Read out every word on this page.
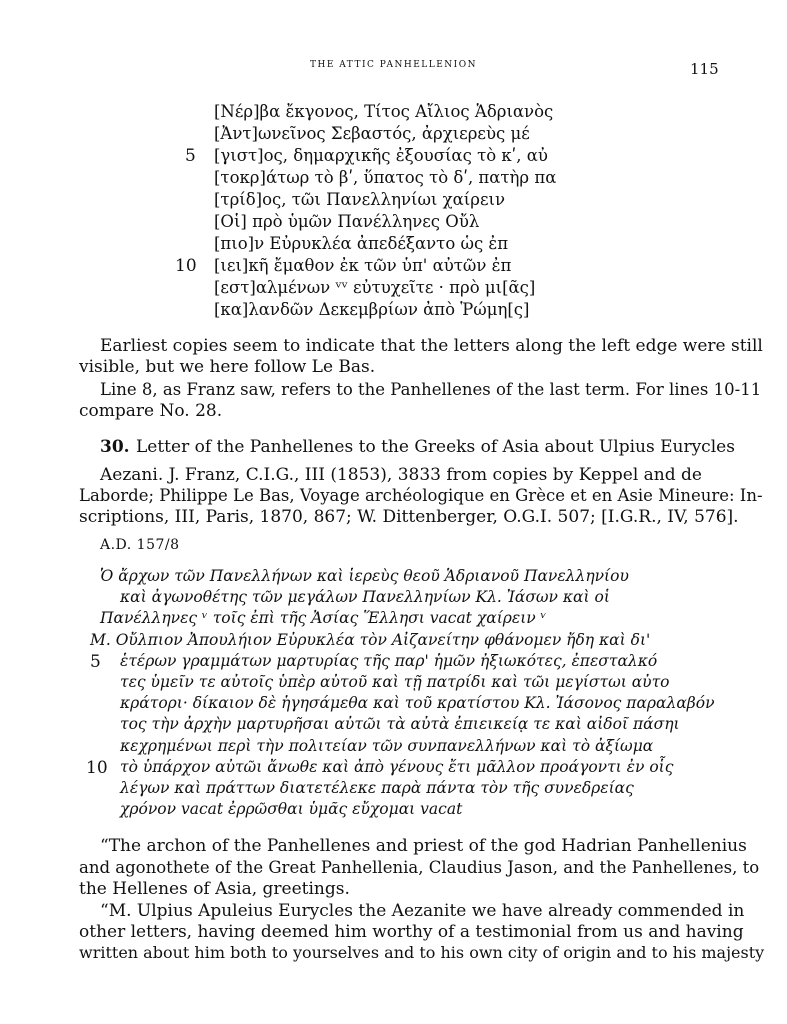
THE ATTIC PANHELLENION	115
[Νέρ]βα ἔκγονος, Τίτος Αἴλιος Ἁδριανὸς
[Ἀντ]ωνεῖνος Σεβαστός, ἀρχιερεὺς μέ
5 [γιστ]ος, δημαρχικῆς ἐξουσίας τὸ κʹ, αὐ
[τοκρ]άτωρ τὸ βʹ, ὕπατος τὸ δʹ, πατὴρ πα
[τρίδ]ος, τῶι Πανελληνίωι χαίρειν
[Οἱ] πρὸ ὑμῶν Πανέλληνες Οὔλ
[πιο]ν Εὐρυκλέα ἀπεδέξαντο ὡς ἐπ
10 [ιει]κῆ ἔμαθον ἐκ τῶν ὑπ' αὐτῶν ἐπ
[εστ]αλμένων ᵛᵛ εὐτυχεῖτε · πρὸ μι[ᾶς]
[κα]λανδῶν Δεκεμβρίων ἀπὸ Ῥώμη[ς]
Earliest copies seem to indicate that the letters along the left edge were still
visible, but we here follow Le Bas.
Line 8, as Franz saw, refers to the Panhellenes of the last term. For lines 10-11
compare No. 28.
30. Letter of the Panhellenes to the Greeks of Asia about Ulpius Eurycles
Aezani. J. Franz, C.I.G., III (1853), 3833 from copies by Keppel and de
Laborde; Philippe Le Bas, Voyage archéologique en Grèce et en Asie Mineure: In-
scriptions, III, Paris, 1870, 867; W. Dittenberger, O.G.I. 507; [I.G.R., IV, 576].
A.D. 157/8
Ὁ ἄρχων τῶν Πανελλήνων καὶ ἱερεὺς θεοῦ Ἁδριανοῦ Πανελληνίου
καὶ ἀγωνοθέτης τῶν μεγάλων Πανελληνίων Κλ. Ἰάσων καὶ οἱ
Πανέλληνες ᵛ τοῖς ἐπὶ τῆς Ἀσίας Ἕλλησι vacat χαίρειν ᵛ
Μ. Οὔλπιον Ἀπουλήιον Εὐρυκλέα τὸν Αἰζανείτην φθάνομεν ἤδη καὶ δι'
5 ἑτέρων γραμμάτων μαρτυρίας τῆς παρ' ἡμῶν ἠξιωκότες, ἐπεσταλκό
τες ὑμεῖν τε αὐτοῖς ὑπὲρ αὐτοῦ καὶ τῇ πατρίδι καὶ τῶι μεγίστωι αὐτο
κράτορι· δίκαιον δὲ ἡγησάμεθα καὶ τοῦ κρατίστου Κλ. Ἰάσονος παραλαβόν
τος τὴν ἀρχὴν μαρτυρῆσαι αὐτῶι τὰ αὐτὰ ἐπιεικείᾳ τε καὶ αἰδοῖ πάσηι
κεχρημένωι περὶ τὴν πολιτείαν τῶν συνπανελλήνων καὶ τὸ ἀξίωμα
10 τὸ ὑπάρχον αὐτῶι ἄνωθε καὶ ἀπὸ γένους ἔτι μᾶλλον προάγοντι ἐν οἷς
λέγων καὶ πράττων διατετέλεκε παρὰ πάντα τὸν τῆς συνεδρείας
χρόνον vacat ἐρρῶσθαι ὑμᾶς εὔχομαι vacat
“The archon of the Panhellenes and priest of the god Hadrian Panhellenius
and agonothete of the Great Panhellenia, Claudius Jason, and the Panhellenes, to
the Hellenes of Asia, greetings.
“M. Ulpius Apuleius Eurycles the Aezanite we have already commended in
other letters, having deemed him worthy of a testimonial from us and having
written about him both to yourselves and to his own city of origin and to his majesty
